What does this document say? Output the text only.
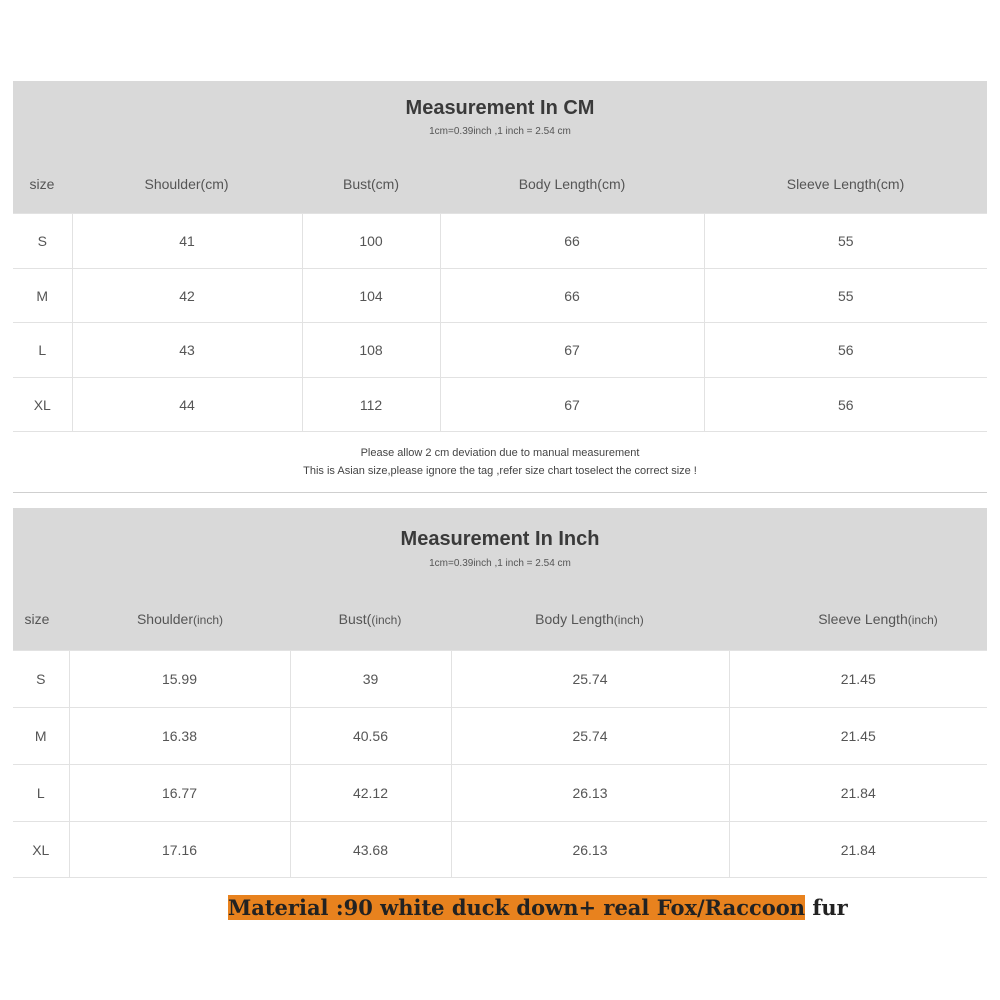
Measurement In CM
1cm=0.39inch ,1 inch = 2.54 cm
size	Shoulder(cm)	Bust(cm)	Body Length(cm)	Sleeve Length(cm)
S	41	100	66	55
M	42	104	66	55
L	43	108	67	56
XL	44	112	67	56
Please allow 2 cm deviation due to manual measurement
This is Asian size,please ignore the tag ,refer size chart toselect the correct size !
Measurement In Inch
1cm=0.39inch ,1 inch = 2.54 cm
size	Shoulder(inch)	Bust((inch)	Body Length(inch)	Sleeve Length(inch)
S	15.99	39	25.74	21.45
M	16.38	40.56	25.74	21.45
L	16.77	42.12	26.13	21.84
XL	17.16	43.68	26.13	21.84
Material :90 white duck down+ real Fox/Raccoon fur
